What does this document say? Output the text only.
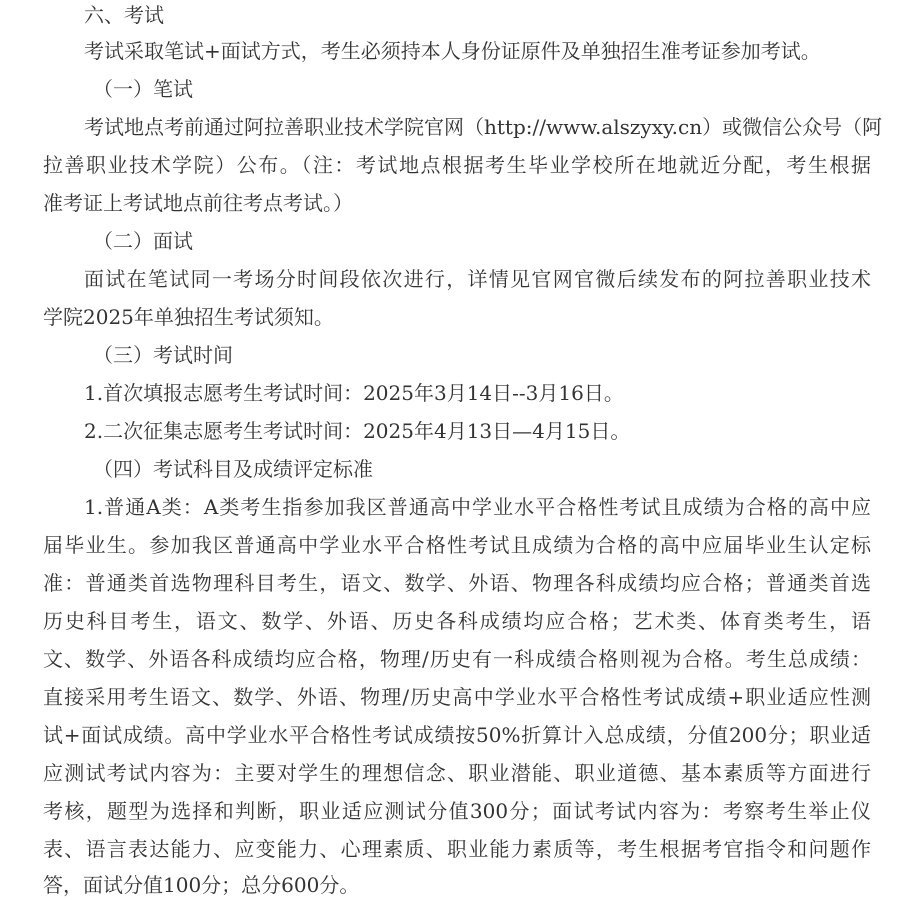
六、考试
考试采取笔试+面试方式，考生必须持本人身份证原件及单独招生准考证参加考试。
（一）笔试
考试地点考前通过阿拉善职业技术学院官网（http://www.alszyxy.cn）或微信公众号（阿
拉善职业技术学院）公布。（注：考试地点根据考生毕业学校所在地就近分配，考生根据
准考证上考试地点前往考点考试。）
（二）面试
面试在笔试同一考场分时间段依次进行，详情见官网官微后续发布的阿拉善职业技术
学院2025年单独招生考试须知。
（三）考试时间
1.首次填报志愿考生考试时间：2025年3月14日--3月16日。
2.二次征集志愿考生考试时间：2025年4月13日—4月15日。
（四）考试科目及成绩评定标准
1.普通A类：A类考生指参加我区普通高中学业水平合格性考试且成绩为合格的高中应
届毕业生。参加我区普通高中学业水平合格性考试且成绩为合格的高中应届毕业生认定标
准：普通类首选物理科目考生，语文、数学、外语、物理各科成绩均应合格；普通类首选
历史科目考生，语文、数学、外语、历史各科成绩均应合格；艺术类、体育类考生，语
文、数学、外语各科成绩均应合格，物理/历史有一科成绩合格则视为合格。考生总成绩：
直接采用考生语文、数学、外语、物理/历史高中学业水平合格性考试成绩+职业适应性测
试+面试成绩。高中学业水平合格性考试成绩按50%折算计入总成绩，分值200分；职业适
应测试考试内容为：主要对学生的理想信念、职业潜能、职业道德、基本素质等方面进行
考核，题型为选择和判断，职业适应测试分值300分；面试考试内容为：考察考生举止仪
表、语言表达能力、应变能力、心理素质、职业能力素质等，考生根据考官指令和问题作
答，面试分值100分；总分600分。
